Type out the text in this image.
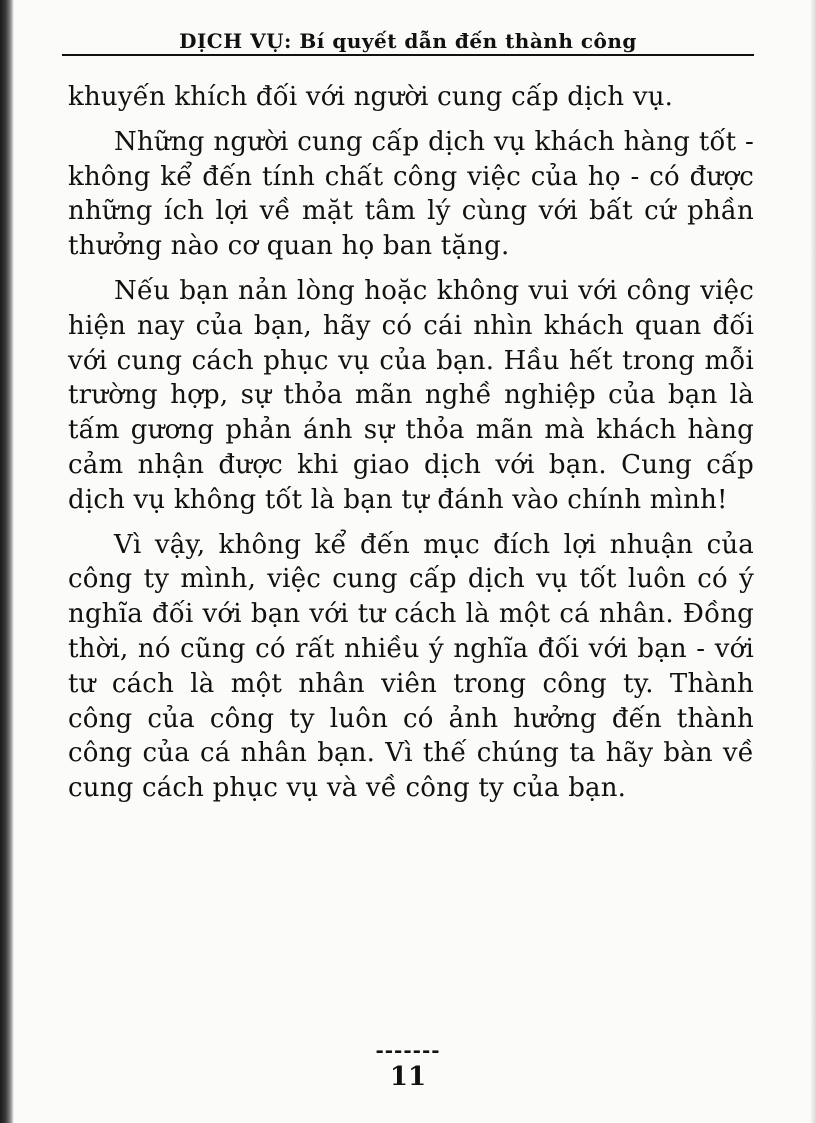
DỊCH VỤ: Bí quyết dẫn đến thành công

khuyến khích đối với người cung cấp dịch vụ.

Những người cung cấp dịch vụ khách hàng tốt - không kể đến tính chất công việc của họ - có được những ích lợi về mặt tâm lý cùng với bất cứ phần thưởng nào cơ quan họ ban tặng.

Nếu bạn nản lòng hoặc không vui với công việc hiện nay của bạn, hãy có cái nhìn khách quan đối với cung cách phục vụ của bạn. Hầu hết trong mỗi trường hợp, sự thỏa mãn nghề nghiệp của bạn là tấm gương phản ánh sự thỏa mãn mà khách hàng cảm nhận được khi giao dịch với bạn. Cung cấp dịch vụ không tốt là bạn tự đánh vào chính mình!

Vì vậy, không kể đến mục đích lợi nhuận của công ty mình, việc cung cấp dịch vụ tốt luôn có ý nghĩa đối với bạn với tư cách là một cá nhân. Đồng thời, nó cũng có rất nhiều ý nghĩa đối với bạn - với tư cách là một nhân viên trong công ty. Thành công của công ty luôn có ảnh hưởng đến thành công của cá nhân bạn. Vì thế chúng ta hãy bàn về cung cách phục vụ và về công ty của bạn.

-------
11
